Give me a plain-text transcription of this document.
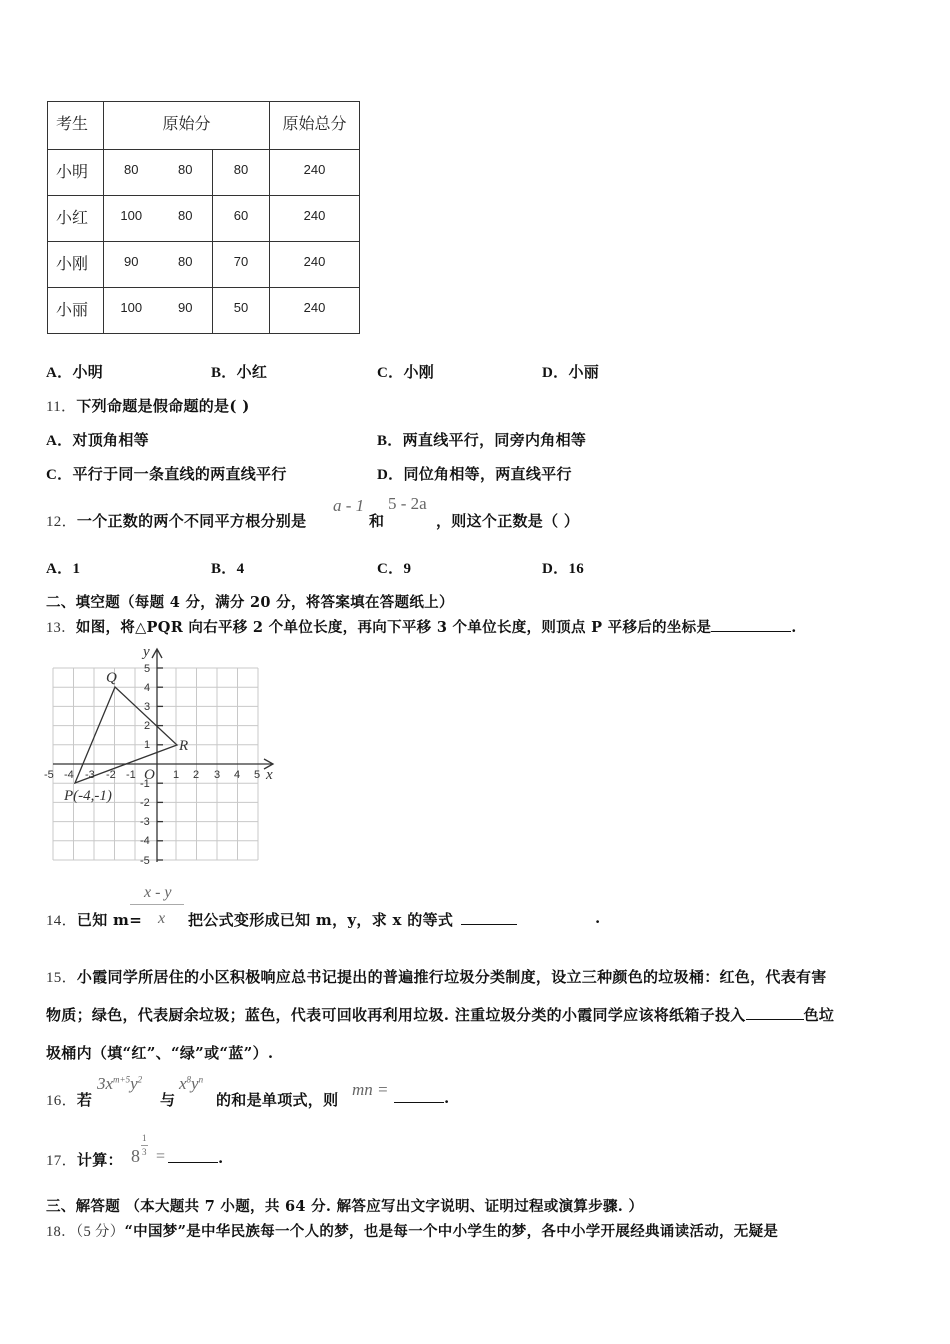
考生	原始分			原始总分
小明	80	80	80	240
小红	100	80	60	240
小刚	90	80	70	240
小丽	100	90	50	240
A．小明	B．小红	C．小刚	D．小丽
11．下列命题是假命题的是( )
A．对顶角相等	B．两直线平行，同旁内角相等
C．平行于同一条直线的两直线平行	D．同位角相等，两直线平行
12．一个正数的两个不同平方根分别是
a - 1
和
5 - 2a
，则这个正数是（ ）
A．1	B．4	C．9	D．16
二、填空题（每题 4 分，满分 20 分，将答案填在答题纸上）
13．如图，将△PQR 向右平移 2 个单位长度，再向下平移 3 个单位长度，则顶点 P 平移后的坐标是	.
-5 -4 -3 -2 -1	1 2 3 4 5
5
4
3
2
1
-1
-2
-3
-4
-5
x
y
O
Q
R
P(-4,-1)
14．已知 m=
x - y
x 把公式变形成已知 m，y，求 x 的等式	.
15．小霞同学所居住的小区积极响应总书记提出的普遍推行垃圾分类制度，设立三种颜色的垃圾桶：红色，代表有害
物质；绿色，代表厨余垃圾；蓝色，代表可回收再利用垃圾. 注重垃圾分类的小霞同学应该将纸箱子投入	色垃
圾桶内（填“红”、“绿”或“蓝”）.
16．若
$3x^{m+5}y^2$
与
$x^8y^n$
的和是单项式，则
mn =	.
17．计算： 8
1
3 =	.
三、解答题 （本大题共 7 小题，共 64 分. 解答应写出文字说明、证明过程或演算步骤. ）
18．（5 分）“中国梦”是中华民族每一个人的梦，也是每一个中小学生的梦，各中小学开展经典诵读活动，无疑是
